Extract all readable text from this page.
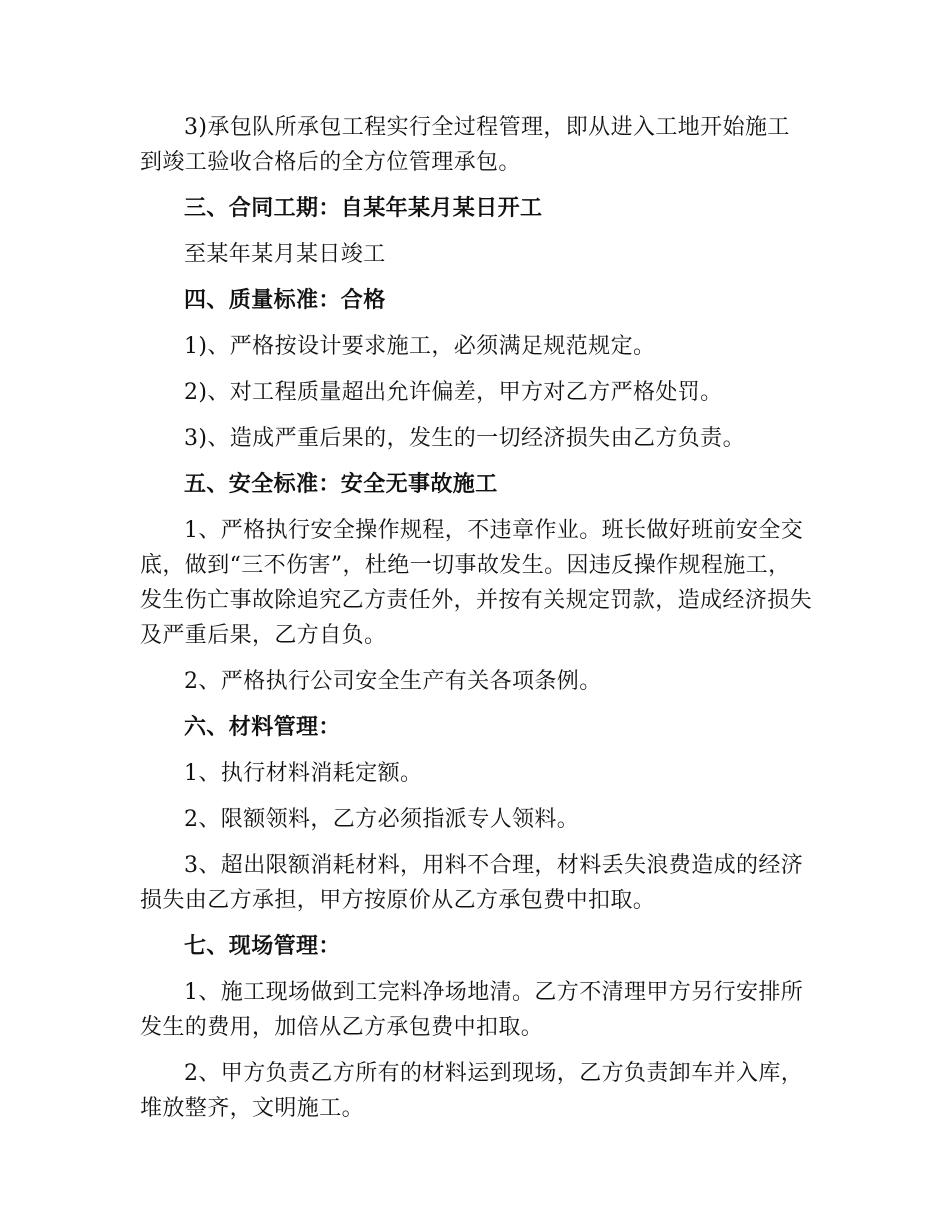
3)承包队所承包工程实行全过程管理，即从进入工地开始施工到竣工验收合格后的全方位管理承包。

三、合同工期：自某年某月某日开工

至某年某月某日竣工

四、质量标准：合格

1)、严格按设计要求施工，必须满足规范规定。

2)、对工程质量超出允许偏差，甲方对乙方严格处罚。

3)、造成严重后果的，发生的一切经济损失由乙方负责。

五、安全标准：安全无事故施工

1、严格执行安全操作规程，不违章作业。班长做好班前安全交底，做到“三不伤害”，杜绝一切事故发生。因违反操作规程施工，发生伤亡事故除追究乙方责任外，并按有关规定罚款，造成经济损失及严重后果，乙方自负。

2、严格执行公司安全生产有关各项条例。

六、材料管理：

1、执行材料消耗定额。

2、限额领料，乙方必须指派专人领料。

3、超出限额消耗材料，用料不合理，材料丢失浪费造成的经济损失由乙方承担，甲方按原价从乙方承包费中扣取。

七、现场管理：

1、施工现场做到工完料净场地清。乙方不清理甲方另行安排所发生的费用，加倍从乙方承包费中扣取。

2、甲方负责乙方所有的材料运到现场，乙方负责卸车并入库，堆放整齐，文明施工。
